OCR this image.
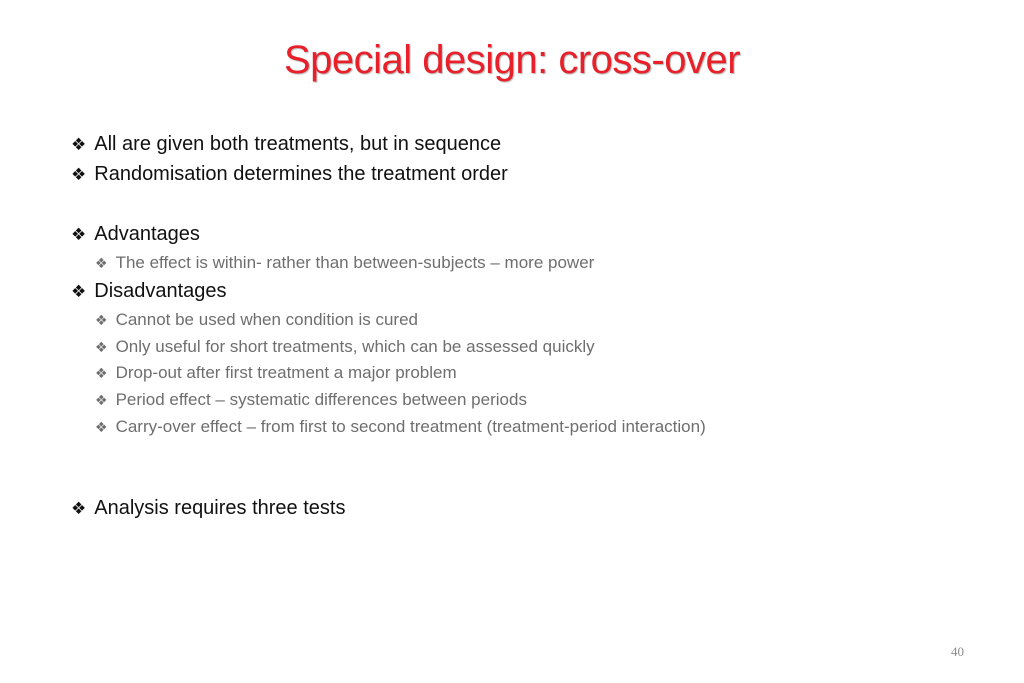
Special design: cross-over
❖ All are given both treatments, but in sequence
❖ Randomisation determines the treatment order
❖ Advantages
❖ The effect is within- rather than between-subjects – more power
❖ Disadvantages
❖ Cannot be used when condition is cured
❖ Only useful for short treatments, which can be assessed quickly
❖ Drop-out after first treatment a major problem
❖ Period effect – systematic differences between periods
❖ Carry-over effect – from first to second treatment (treatment-period interaction)
❖ Analysis requires three tests
40
